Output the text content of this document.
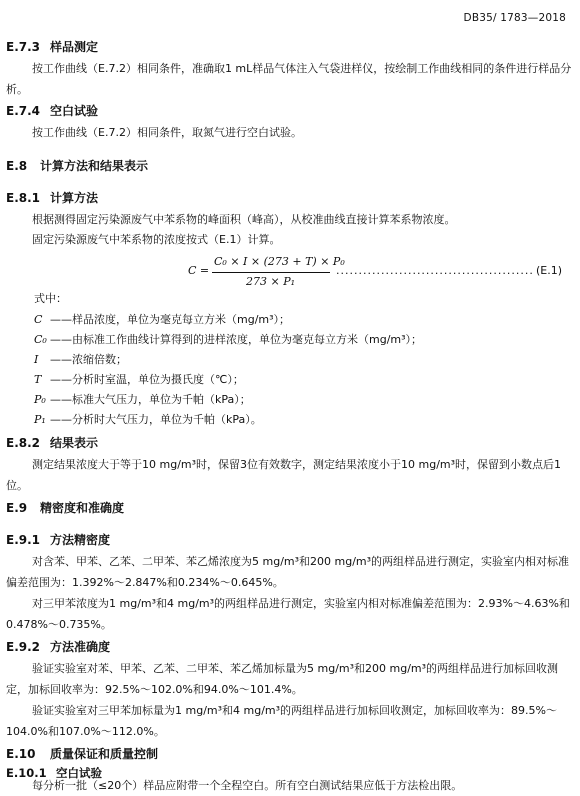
DB35/ 1783—2018
E.7.3 样品测定
按工作曲线（E.7.2）相同条件，准确取1 mL样品气体注入气袋进样仪，按绘制工作曲线相同的条件进行样品分析。
E.7.4 空白试验
按工作曲线（E.7.2）相同条件，取氮气进行空白试验。
E.8 计算方法和结果表示
E.8.1 计算方法
根据测得固定污染源废气中苯系物的峰面积（峰高），从校准曲线直接计算苯系物浓度。
固定污染源废气中苯系物的浓度按式（E.1）计算。
C =
C₀ × I × (273 + T) × P₀
273 × P₁
............................................ (E.1)
式中：
C ——样品浓度，单位为毫克每立方米（mg/m³）；
C₀ ——由标准工作曲线计算得到的进样浓度，单位为毫克每立方米（mg/m³）；
I ——浓缩倍数；
T ——分析时室温，单位为摄氏度（℃）；
P₀ ——标准大气压力，单位为千帕（kPa）；
P₁ ——分析时大气压力，单位为千帕（kPa）。
E.8.2 结果表示
测定结果浓度大于等于10 mg/m³时，保留3位有效数字，测定结果浓度小于10 mg/m³时，保留到小数点后1位。
E.9 精密度和准确度
E.9.1 方法精密度
对含苯、甲苯、乙苯、二甲苯、苯乙烯浓度为5 mg/m³和200 mg/m³的两组样品进行测定，实验室内相对标准偏差范围为：1.392%～2.847%和0.234%～0.645%。
对三甲苯浓度为1 mg/m³和4 mg/m³的两组样品进行测定，实验室内相对标准偏差范围为：2.93%～4.63%和0.478%～0.735%。
E.9.2 方法准确度
验证实验室对苯、甲苯、乙苯、二甲苯、苯乙烯加标量为5 mg/m³和200 mg/m³的两组样品进行加标回收测定，加标回收率为：92.5%～102.0%和94.0%～101.4%。
验证实验室对三甲苯加标量为1 mg/m³和4 mg/m³的两组样品进行加标回收测定，加标回收率为：89.5%～104.0%和107.0%～112.0%。
E.10 质量保证和质量控制
E.10.1 空白试验
每分析一批（≤20个）样品应附带一个全程空白。所有空白测试结果应低于方法检出限。
